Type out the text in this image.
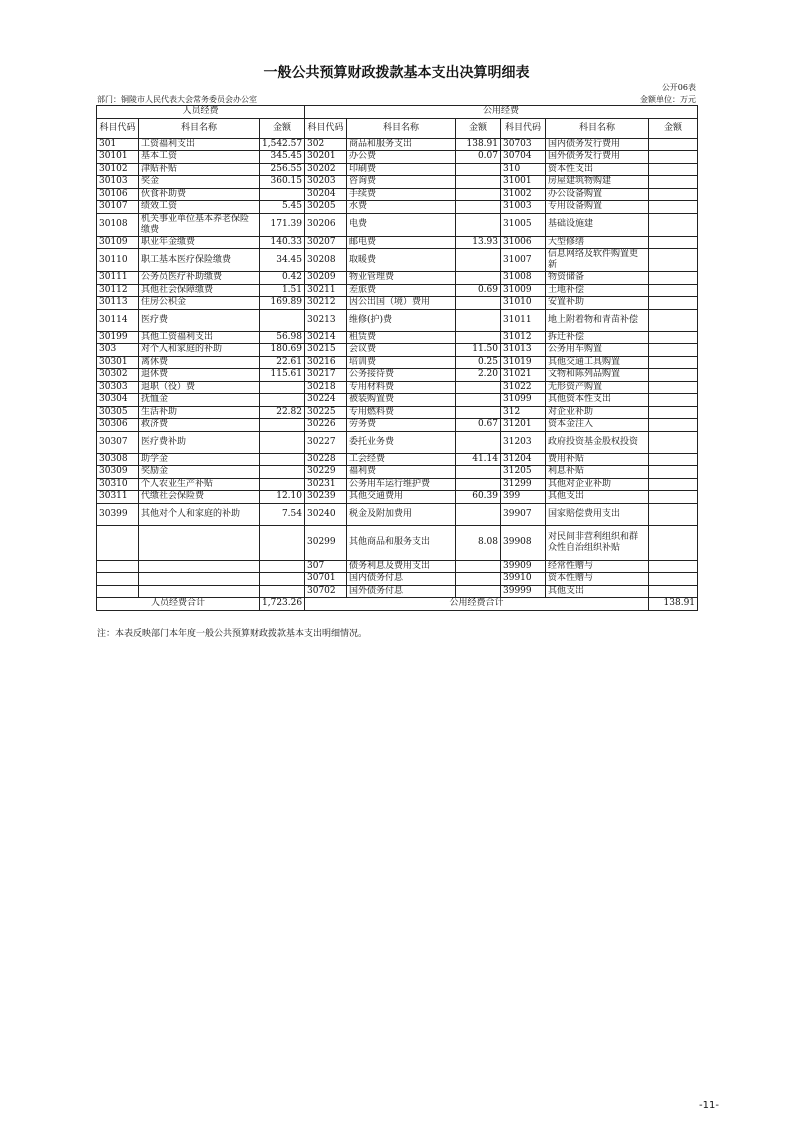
一般公共预算财政拨款基本支出决算明细表
公开06表
部门：铜陵市人民代表大会常务委员会办公室	金额单位：万元
人员经费			公用经费					
科目代码	科目名称	金额	科目代码	科目名称	金额	科目代码	科目名称	金额
301	工资福利支出	1,542.57	302	商品和服务支出	138.91	30703	国内债务发行费用	
30101	基本工资	345.45	30201	办公费	0.07	30704	国外债务发行费用	
30102	津贴补贴	256.55	30202	印刷费		310	资本性支出	
30103	奖金	360.15	30203	咨询费		31001	房屋建筑物购建	
30106	伙食补助费		30204	手续费		31002	办公设备购置	
30107	绩效工资	5.45	30205	水费		31003	专用设备购置	
30108	机关事业单位基本养老保险缴费	171.39	30206	电费		31005	基础设施建	
30109	职业年金缴费	140.33	30207	邮电费	13.93	31006	大型修缮	
30110	职工基本医疗保险缴费	34.45	30208	取暖费		31007	信息网络及软件购置更新	
30111	公务员医疗补助缴费	0.42	30209	物业管理费		31008	物资储备	
30112	其他社会保障缴费	1.51	30211	差旅费	0.69	31009	土地补偿	
30113	住房公积金	169.89	30212	因公出国（境）费用		31010	安置补助	
30114	医疗费		30213	维修(护)费		31011	地上附着物和青苗补偿	
30199	其他工资福利支出	56.98	30214	租赁费		31012	拆迁补偿	
303	对个人和家庭的补助	180.69	30215	会议费	11.50	31013	公务用车购置	
30301	离休费	22.61	30216	培训费	0.25	31019	其他交通工具购置	
30302	退休费	115.61	30217	公务接待费	2.20	31021	文物和陈列品购置	
30303	退职（役）费		30218	专用材料费		31022	无形资产购置	
30304	抚恤金		30224	被装购置费		31099	其他资本性支出	
30305	生活补助	22.82	30225	专用燃料费		312	对企业补助	
30306	救济费		30226	劳务费	0.67	31201	资本金注入	
30307	医疗费补助		30227	委托业务费		31203	政府投资基金股权投资	
30308	助学金		30228	工会经费	41.14	31204	费用补贴	
30309	奖励金		30229	福利费		31205	利息补贴	
30310	个人农业生产补贴		30231	公务用车运行维护费		31299	其他对企业补助	
30311	代缴社会保险费	12.10	30239	其他交通费用	60.39	399	其他支出	
30399	其他对个人和家庭的补助	7.54	30240	税金及附加费用		39907	国家赔偿费用支出	
			30299	其他商品和服务支出	8.08	39908	对民间非营利组织和群众性自治组织补贴	
			307	债务利息及费用支出		39909	经常性赠与	
			30701	国内债务付息		39910	资本性赠与	
			30702	国外债务付息		39999	其他支出	
人员经费合计		1,723.26	公用经费合计					138.91
注：本表反映部门本年度一般公共预算财政拨款基本支出明细情况。
-11-
